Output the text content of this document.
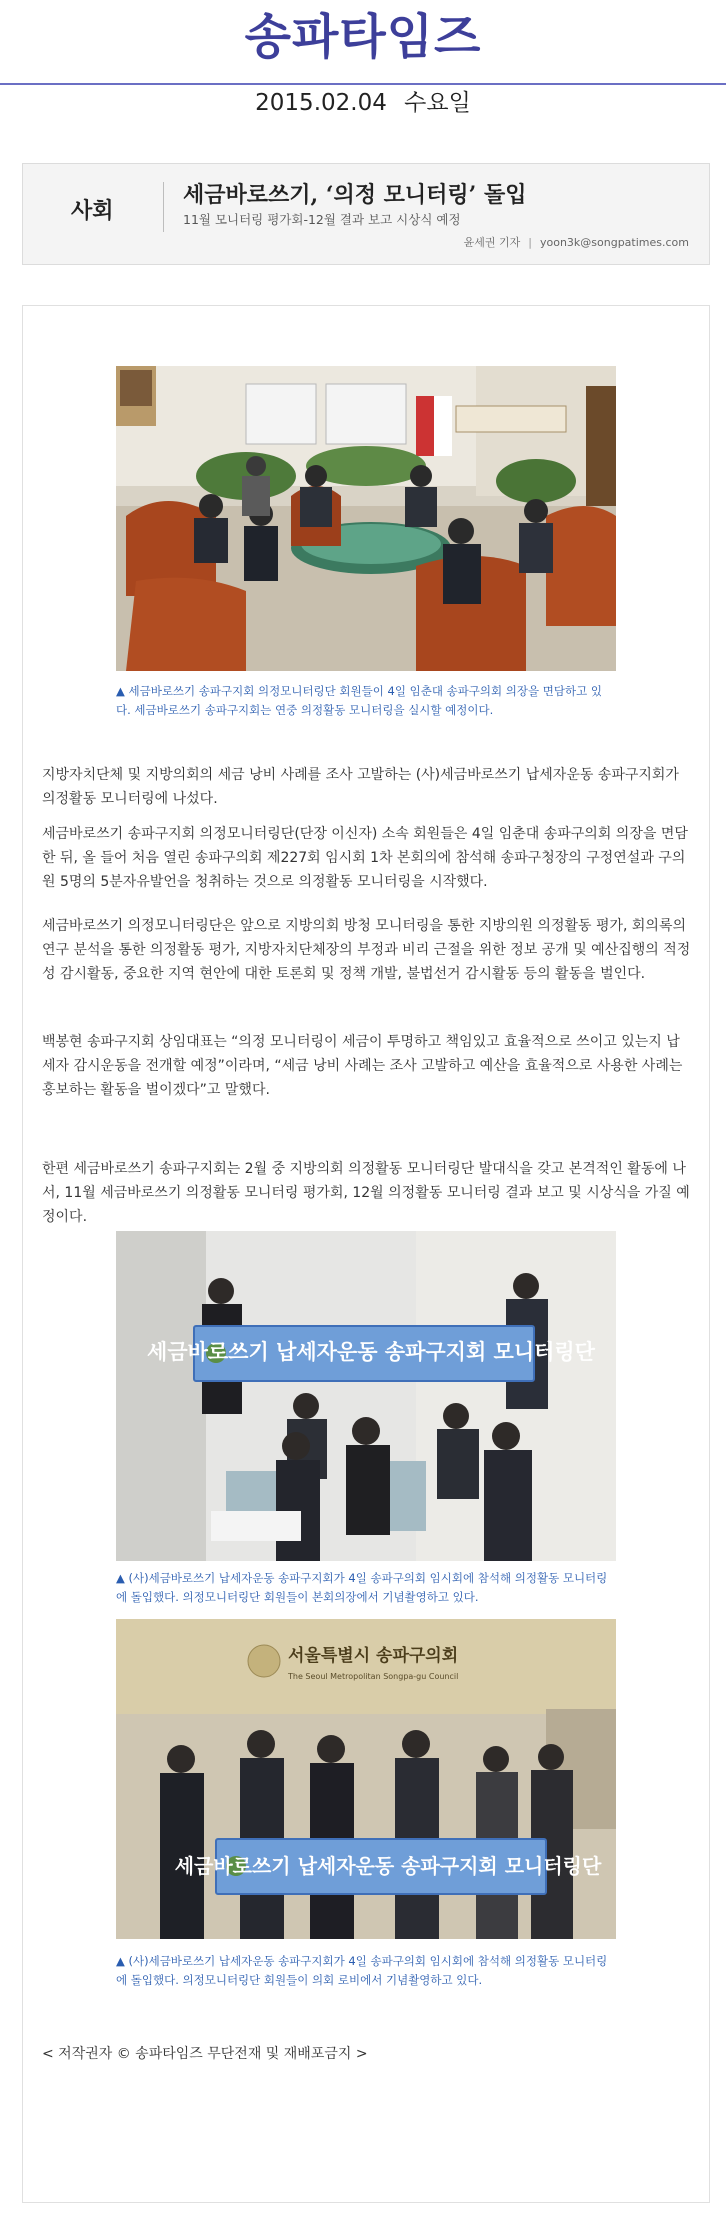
송파타임즈
2015.02.04 수요일
사회
세금바로쓰기, ‘의정 모니터링’ 돌입
11월 모니터링 평가회-12월 결과 보고 시상식 예정
윤세권 기자 | yoon3k@songpatimes.com
▲ 세금바로쓰기 송파구지회 의정모니터링단 회원들이 4일 임춘대 송파구의회 의장을 면담하고 있다. 세금바로쓰기 송파구지회는 연중 의정활동 모니터링을 실시할 예정이다.

지방자치단체 및 지방의회의 세금 낭비 사례를 조사 고발하는 (사)세금바로쓰기 납세자운동 송파구지회가 의정활동 모니터링에 나섰다.

세금바로쓰기 송파구지회 의정모니터링단(단장 이신자) 소속 회원들은 4일 임춘대 송파구의회 의장을 면담한 뒤, 올 들어 처음 열린 송파구의회 제227회 임시회 1차 본회의에 참석해 송파구청장의 구정연설과 구의원 5명의 5분자유발언을 청취하는 것으로 의정활동 모니터링을 시작했다.

세금바로쓰기 의정모니터링단은 앞으로 지방의회 방청 모니터링을 통한 지방의원 의정활동 평가, 회의록의 연구 분석을 통한 의정활동 평가, 지방자치단체장의 부정과 비리 근절을 위한 정보 공개 및 예산집행의 적정성 감시활동, 중요한 지역 현안에 대한 토론회 및 정책 개발, 불법선거 감시활동 등의 활동을 벌인다.

백봉현 송파구지회 상임대표는 “의정 모니터링이 세금이 투명하고 책임있고 효율적으로 쓰이고 있는지 납세자 감시운동을 전개할 예정”이라며, “세금 낭비 사례는 조사 고발하고 예산을 효율적으로 사용한 사례는 홍보하는 활동을 벌이겠다”고 말했다.

한편 세금바로쓰기 송파구지회는 2월 중 지방의회 의정활동 모니터링단 발대식을 갖고 본격적인 활동에 나서, 11월 세금바로쓰기 의정활동 모니터링 평가회, 12월 의정활동 모니터링 결과 보고 및 시상식을 가질 예정이다.

세금바로쓰기 납세자운동 송파구지회 모니터링단
▲ (사)세금바로쓰기 납세자운동 송파구지회가 4일 송파구의회 임시회에 참석해 의정활동 모니터링에 돌입했다. 의정모니터링단 회원들이 본회의장에서 기념촬영하고 있다.
서울특별시 송파구의회
The Seoul Metropolitan Songpa-gu Council
세금바로쓰기 납세자운동 송파구지회 모니터링단
▲ (사)세금바로쓰기 납세자운동 송파구지회가 4일 송파구의회 임시회에 참석해 의정활동 모니터링에 돌입했다. 의정모니터링단 회원들이 의회 로비에서 기념촬영하고 있다.
< 저작권자 © 송파타임즈 무단전재 및 재배포금지 >
